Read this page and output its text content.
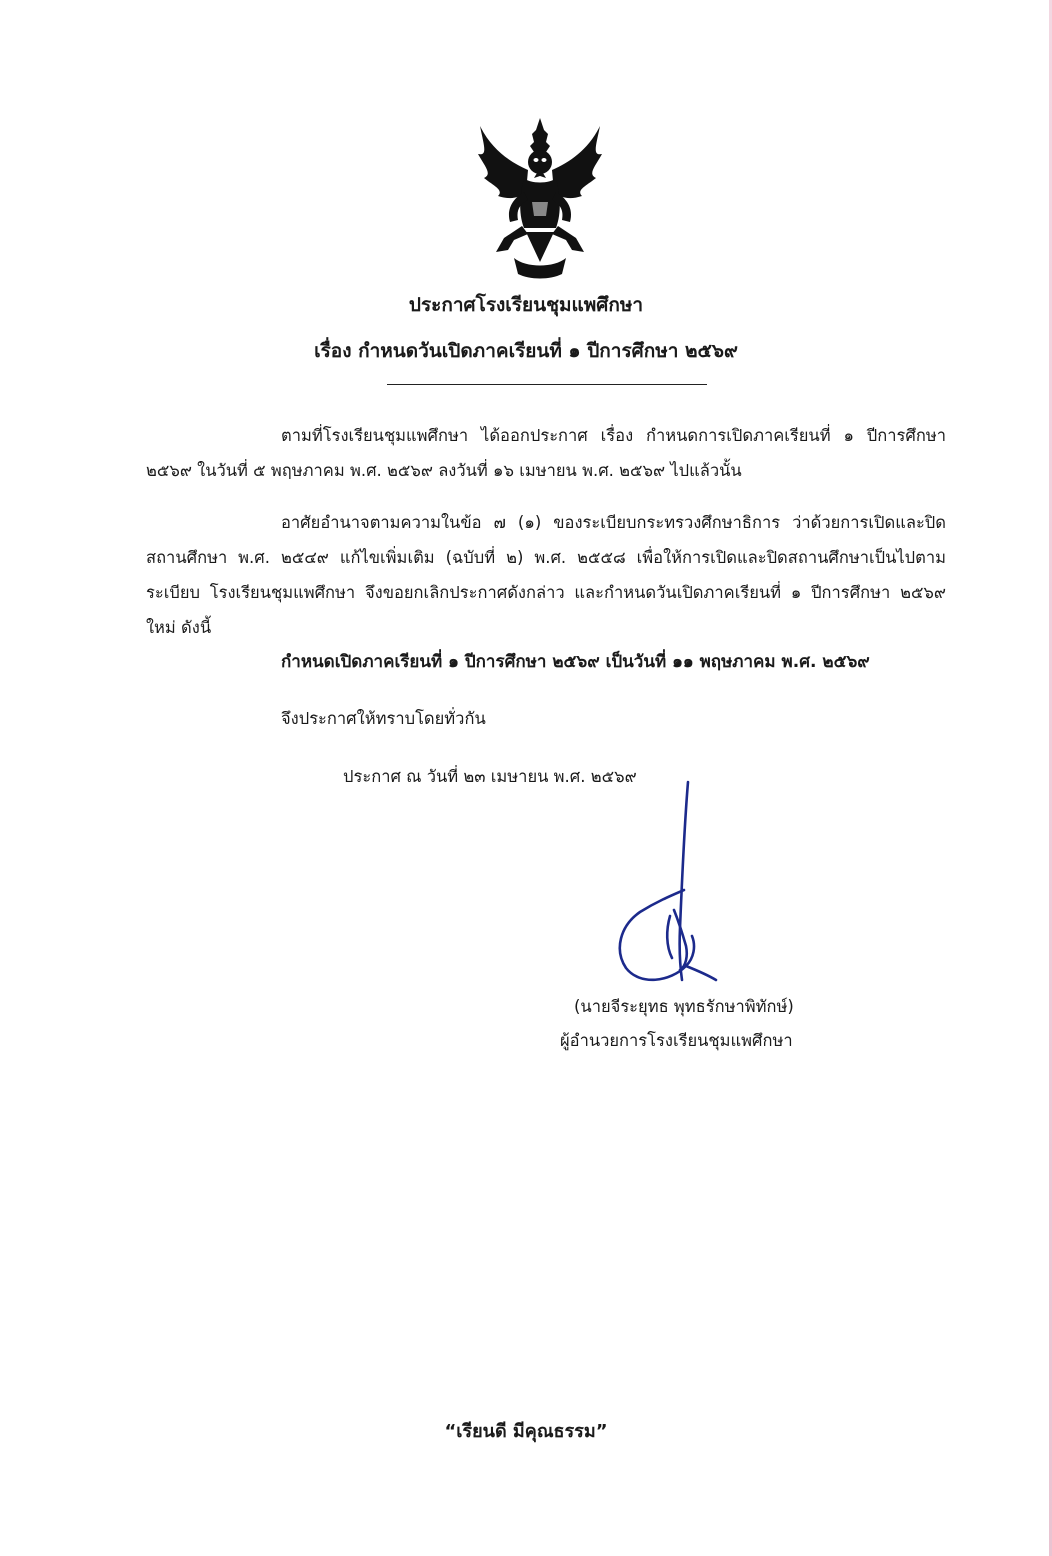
ประกาศโรงเรียนชุมแพศึกษา
เรื่อง กำหนดวันเปิดภาคเรียนที่ ๑ ปีการศึกษา ๒๕๖๙

ตามที่โรงเรียนชุมแพศึกษา ได้ออกประกาศ เรื่อง กำหนดการเปิดภาคเรียนที่ ๑ ปีการศึกษา ๒๕๖๙ ในวันที่ ๕ พฤษภาคม พ.ศ. ๒๕๖๙ ลงวันที่ ๑๖ เมษายน พ.ศ. ๒๕๖๙ ไปแล้วนั้น

อาศัยอำนาจตามความในข้อ ๗ (๑) ของระเบียบกระทรวงศึกษาธิการ ว่าด้วยการเปิดและปิดสถานศึกษา พ.ศ. ๒๕๔๙ แก้ไขเพิ่มเติม (ฉบับที่ ๒) พ.ศ. ๒๕๕๘ เพื่อให้การเปิดและปิดสถานศึกษาเป็นไปตามระเบียบ โรงเรียนชุมแพศึกษา จึงขอยกเลิกประกาศดังกล่าว และกำหนดวันเปิดภาคเรียนที่ ๑ ปีการศึกษา ๒๕๖๙ ใหม่ ดังนี้

กำหนดเปิดภาคเรียนที่ ๑ ปีการศึกษา ๒๕๖๙ เป็นวันที่ ๑๑ พฤษภาคม พ.ศ. ๒๕๖๙
จึงประกาศให้ทราบโดยทั่วกัน
ประกาศ ณ วันที่ ๒๓ เมษายน พ.ศ. ๒๕๖๙
(นายจีระยุทธ พุทธรักษาพิทักษ์)
ผู้อำนวยการโรงเรียนชุมแพศึกษา
“เรียนดี มีคุณธรรม”
